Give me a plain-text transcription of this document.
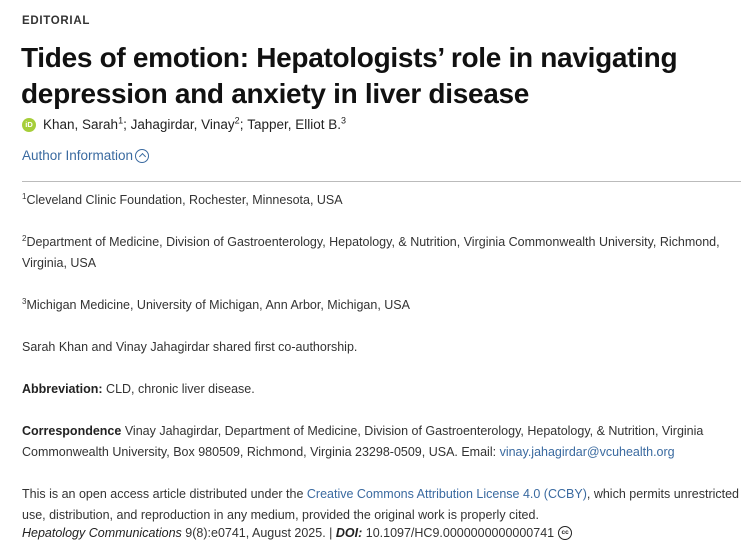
EDITORIAL
Tides of emotion: Hepatologists’ role in navigating depression and anxiety in liver disease
iD Khan, Sarah$^1$ ; Jahagirdar, Vinay$^2$ ; Tapper, Elliot B.$^3$
Author Information

$^1$Cleveland Clinic Foundation, Rochester, Minnesota, USA

$^2$Department of Medicine, Division of Gastroenterology, Hepatology, & Nutrition, Virginia Commonwealth University, Richmond, Virginia, USA

$^3$Michigan Medicine, University of Michigan, Ann Arbor, Michigan, USA

Sarah Khan and Vinay Jahagirdar shared first co-authorship.

Abbreviation: CLD, chronic liver disease.

Correspondence Vinay Jahagirdar, Department of Medicine, Division of Gastroenterology, Hepatology, & Nutrition, Virginia Commonwealth University, Box 980509, Richmond, Virginia 23298-0509, USA. Email: vinay.jahagirdar@vcuhealth.org

This is an open access article distributed under the Creative Commons Attribution License 4.0 (CCBY), which permits unrestricted use, distribution, and reproduction in any medium, provided the original work is properly cited.

Hepatology Communications 9(8):e0741, August 2025. | DOI: 10.1097/HC9.0000000000000741	cc
